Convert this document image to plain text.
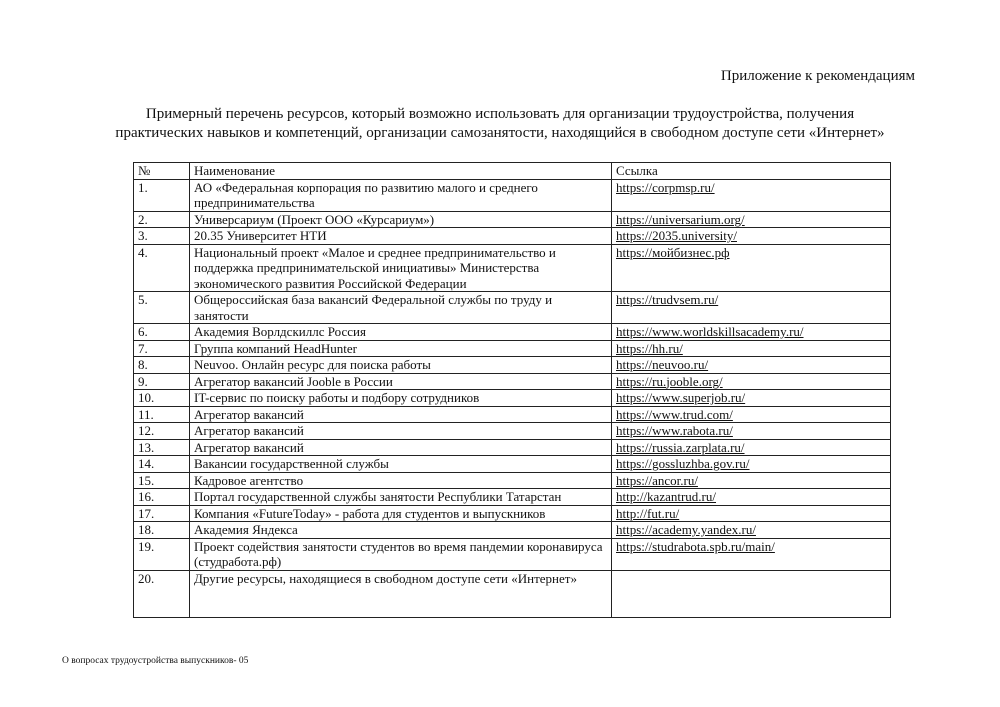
Приложение к рекомендациям
Примерный перечень ресурсов, который возможно использовать для организации трудоустройства, получения
практических навыков и компетенций, организации самозанятости, находящийся в свободном доступе сети «Интернет»
№	Наименование	Ссылка
1.	АО «Федеральная корпорация по развитию малого и среднего предпринимательства	https://corpmsp.ru/
2.	Универсариум (Проект ООО «Курсариум»)	https://universarium.org/
3.	20.35 Университет НТИ	https://2035.university/
4.	Национальный проект «Малое и среднее предпринимательство и поддержка предпринимательской инициативы» Министерства экономического развития Российской Федерации	https://мойбизнес.рф
5.	Общероссийская база вакансий Федеральной службы по труду и занятости	https://trudvsem.ru/
6.	Академия Ворлдскиллс Россия	https://www.worldskillsacademy.ru/
7.	Группа компаний HeadHunter	https://hh.ru/
8.	Neuvoo. Онлайн ресурс для поиска работы	https://neuvoo.ru/
9.	Агрегатор вакансий Jooble в России	https://ru.jooble.org/
10.	IT-сервис по поиску работы и подбору сотрудников	https://www.superjob.ru/
11.	Агрегатор вакансий	https://www.trud.com/
12.	Агрегатор вакансий	https://www.rabota.ru/
13.	Агрегатор вакансий	https://russia.zarplata.ru/
14.	Вакансии государственной службы	https://gossluzhba.gov.ru/
15.	Кадровое агентство	https://ancor.ru/
16.	Портал государственной службы занятости Республики Татарстан	http://kazantrud.ru/
17.	Компания «FutureToday» - работа для студентов и выпускников	http://fut.ru/
18.	Академия Яндекса	https://academy.yandex.ru/
19.	Проект содействия занятости студентов во время пандемии коронавируса (студработа.рф)	https://studrabota.spb.ru/main/
20.	Другие ресурсы, находящиеся в свободном доступе сети «Интернет»	
О вопросах трудоустройства выпускников- 05
